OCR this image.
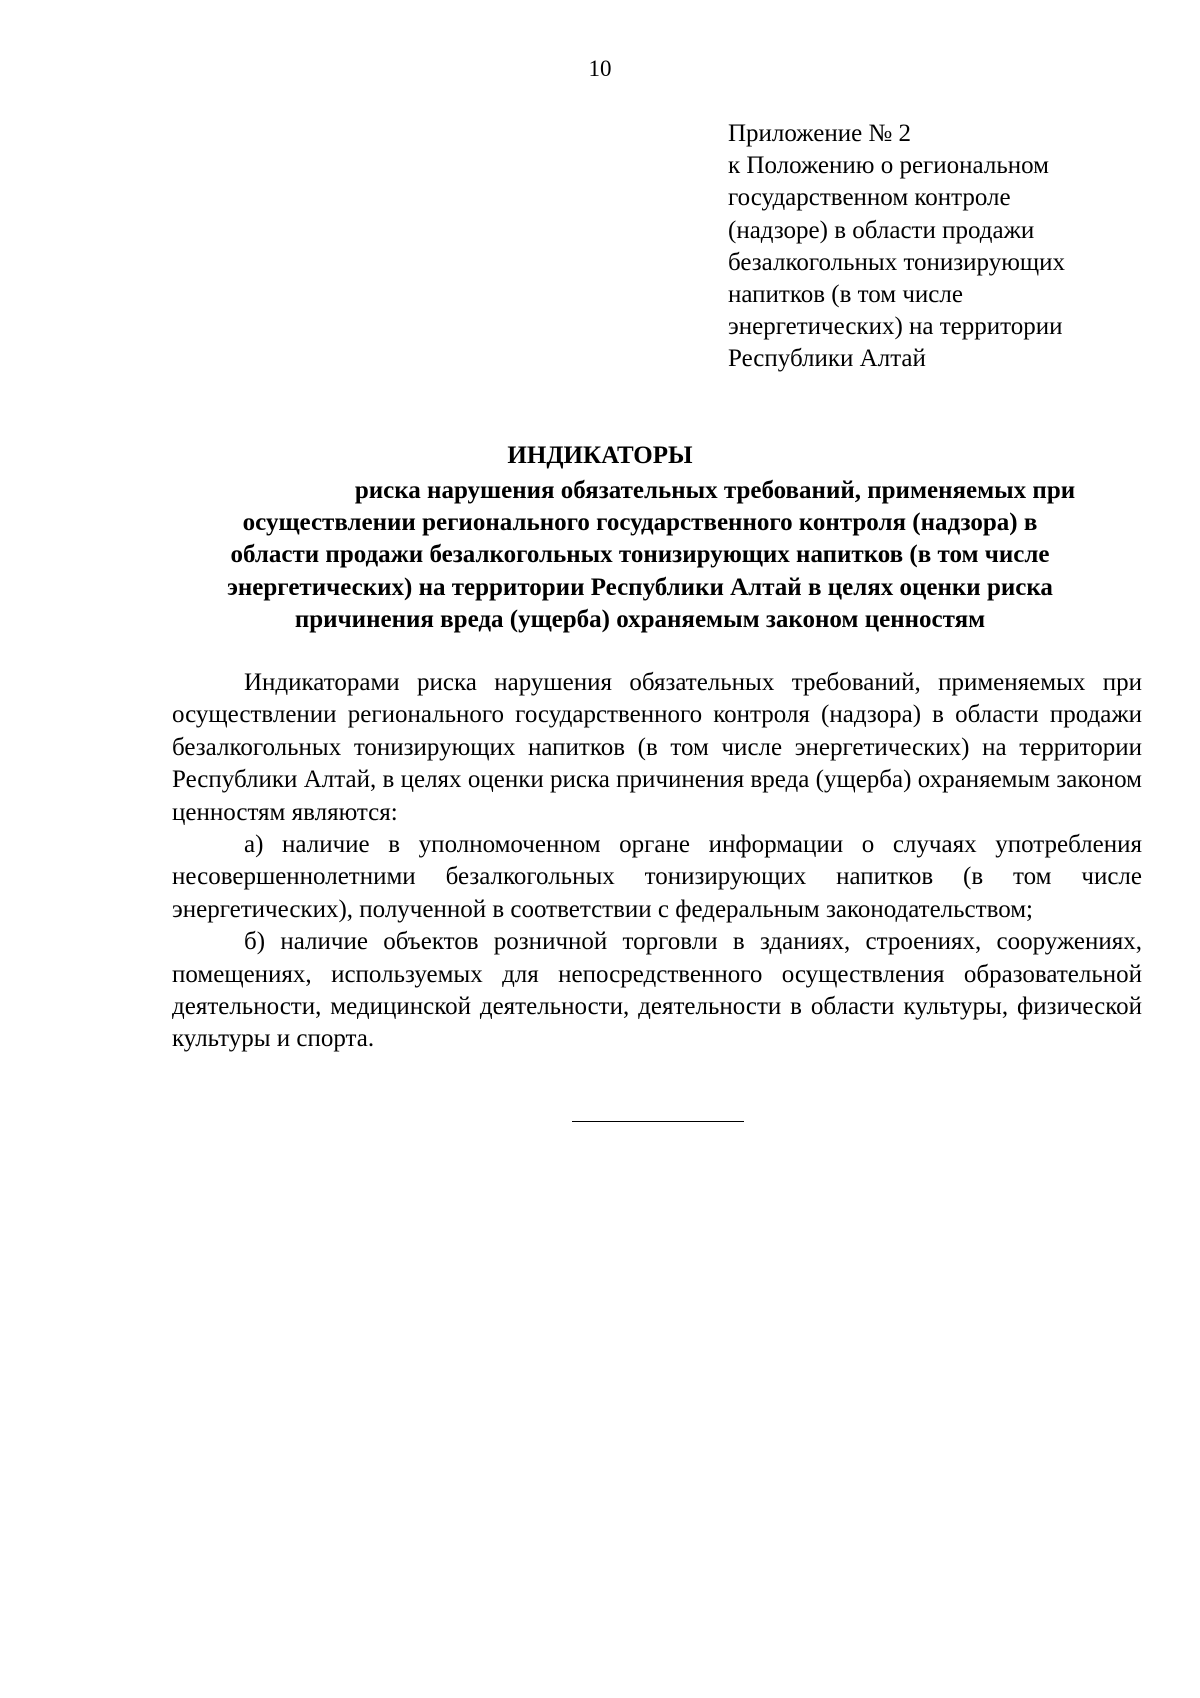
10
Приложение № 2
к Положению о региональном
государственном контроле
(надзоре) в области продажи
безалкогольных тонизирующих
напитков (в том числе
энергетических) на территории
Республики Алтай
ИНДИКАТОРЫ
риска нарушения обязательных требований, применяемых при
осуществлении регионального государственного контроля (надзора) в
области продажи безалкогольных тонизирующих напитков (в том числе
энергетических) на территории Республики Алтай в целях оценки риска
причинения вреда (ущерба) охраняемым законом ценностям

Индикаторами риска нарушения обязательных требований, применяемых при осуществлении регионального государственного контроля (надзора) в области продажи безалкогольных тонизирующих напитков (в том числе энергетических) на территории Республики Алтай, в целях оценки риска причинения вреда (ущерба) охраняемым законом ценностям являются:

а) наличие в уполномоченном органе информации о случаях употребления несовершеннолетними безалкогольных тонизирующих напитков (в том числе энергетических), полученной в соответствии с федеральным законодательством;

б) наличие объектов розничной торговли в зданиях, строениях, сооружениях, помещениях, используемых для непосредственного осуществления образовательной деятельности, медицинской деятельности, деятельности в области культуры, физической культуры и спорта.
